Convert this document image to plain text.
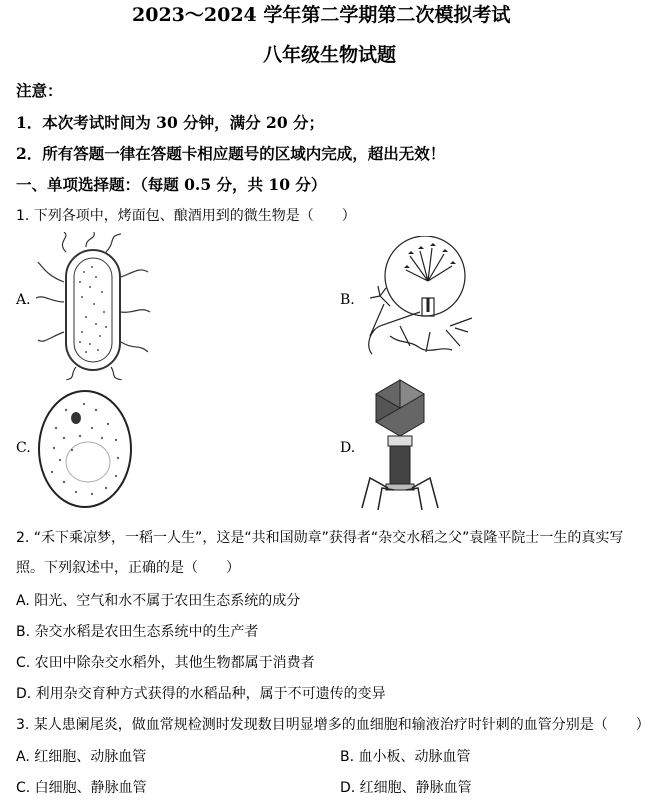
2023～2024 学年第二学期第二次模拟考试
八年级生物试题
注意：
1．本次考试时间为 30 分钟，满分 20 分；
2．所有答题一律在答题卡相应题号的区域内完成，超出无效！
一、单项选择题：（每题 0.5 分，共 10 分）
1. 下列各项中，烤面包、酿酒用到的微生物是（　　）
A.	B.
C.	D.
2. “禾下乘凉梦，一稻一人生”，这是“共和国勋章”获得者“杂交水稻之父”袁隆平院士一生的真实写
照。下列叙述中，正确的是（　　）
A. 阳光、空气和水不属于农田生态系统的成分
B. 杂交水稻是农田生态系统中的生产者
C. 农田中除杂交水稻外，其他生物都属于消费者
D. 利用杂交育种方式获得的水稻品种，属于不可遗传的变异
3. 某人患阑尾炎，做血常规检测时发现数目明显增多的血细胞和输液治疗时针刺的血管分别是（　　）
A. 红细胞、动脉血管	B. 血小板、动脉血管
C. 白细胞、静脉血管	D. 红细胞、静脉血管
